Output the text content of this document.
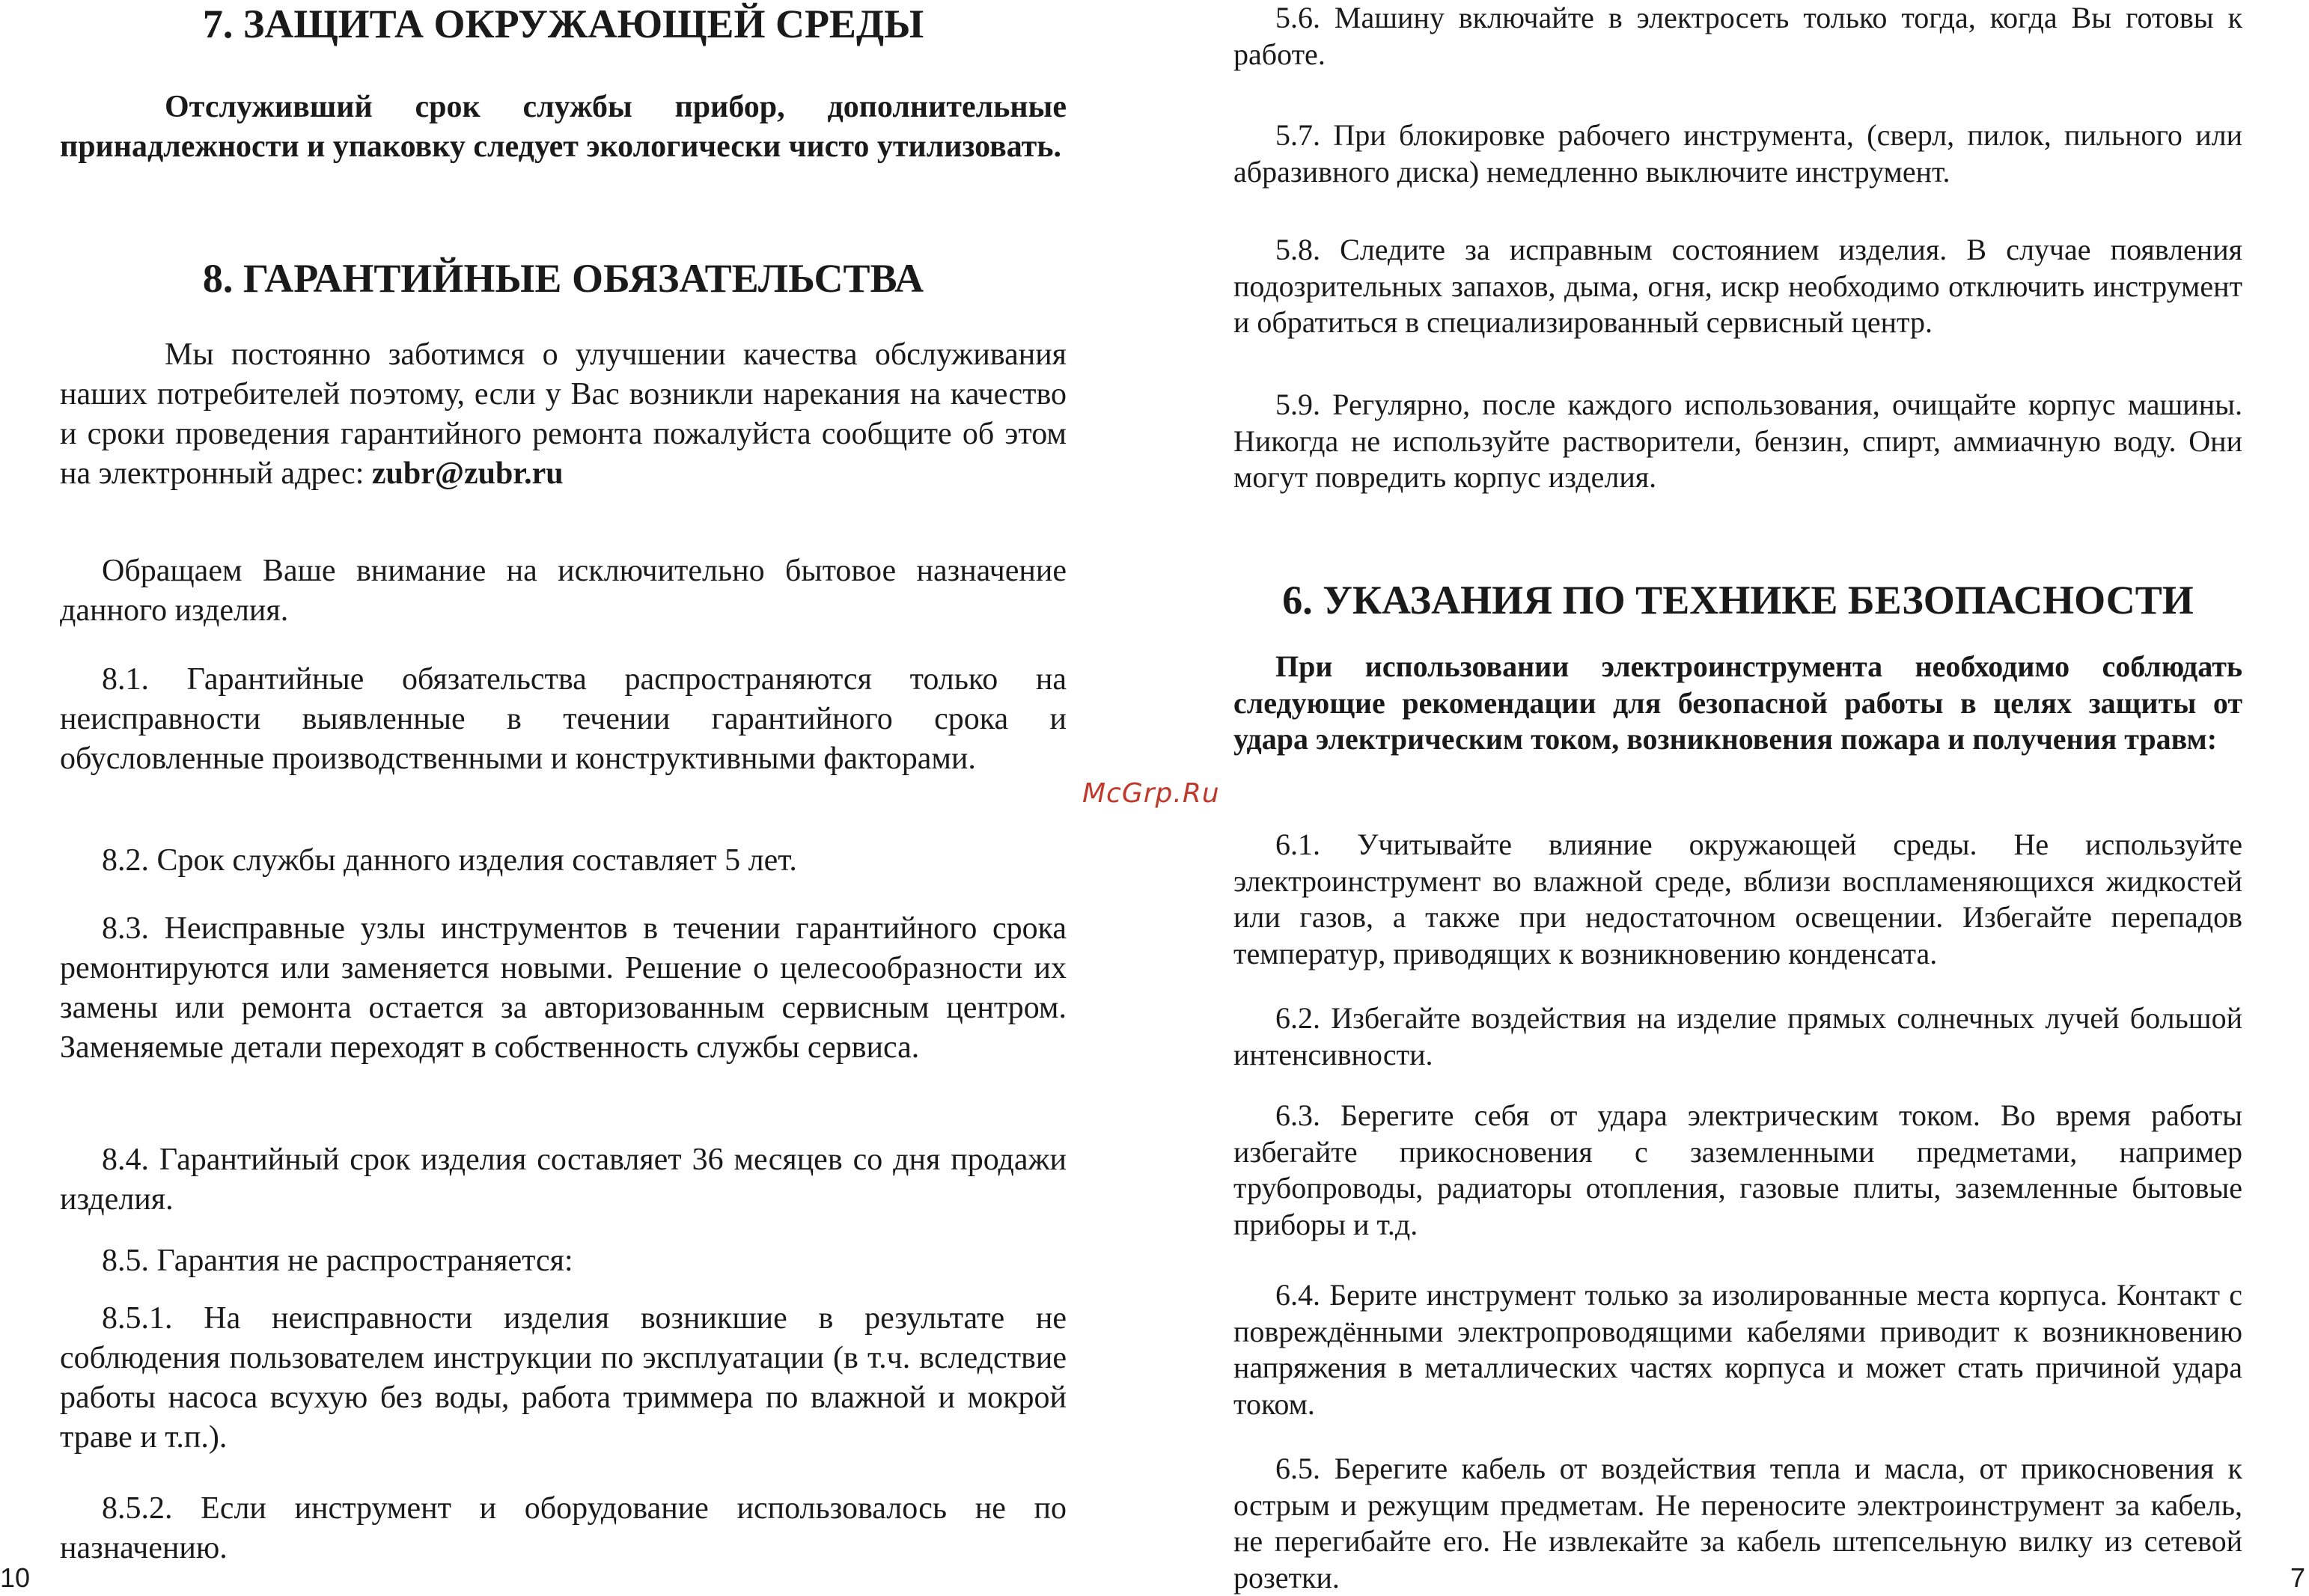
7. ЗАЩИТА ОКРУЖАЮЩЕЙ СРЕДЫ

Отслуживший срок службы прибор, дополнительные принадлежности и упаковку следует экологически чисто утилизовать.

8. ГАРАНТИЙНЫЕ ОБЯЗАТЕЛЬСТВА

Мы постоянно заботимся о улучшении качества обслуживания наших потребителей поэтому, если у Вас возникли нарекания на качество и сроки проведения гарантийного ремонта пожалуйста сообщите об этом на электронный адрес: zubr@zubr.ru

Обращаем Ваше внимание на исключительно бытовое назначение данного изделия.

8.1. Гарантийные обязательства распространяются только на неисправности выявленные в течении гарантийного срока и обусловленные производственными и конструктивными факторами.

8.2. Срок службы данного изделия составляет 5 лет.

8.3. Неисправные узлы инструментов в течении гарантийного срока ремонтируются или заменяется новыми. Решение о целесообразности их замены или ремонта остается за авторизованным сервисным центром. Заменяемые детали переходят в собственность службы сервиса.

8.4. Гарантийный срок изделия составляет 36 месяцев со дня продажи изделия.

8.5. Гарантия не распространяется:

8.5.1. На неисправности изделия возникшие в результате не соблюдения пользователем инструкции по эксплуатации (в т.ч. вследствие работы насоса всухую без воды, работа триммера по влажной и мокрой траве и т.п.).

8.5.2. Если инструмент и оборудование использовалось не по назначению.

5.6. Машину включайте в электросеть только тогда, когда Вы готовы к работе.

5.7. При блокировке рабочего инструмента, (сверл, пилок, пильного или абразивного диска) немедленно выключите инструмент.

5.8. Следите за исправным состоянием изделия. В случае появления подозрительных запахов, дыма, огня, искр необходимо отключить инструмент и обратиться в специализированный сервисный центр.

5.9. Регулярно, после каждого использования, очищайте корпус машины. Никогда не используйте растворители, бензин, спирт, аммиачную воду. Они могут повредить корпус изделия.

6. УКАЗАНИЯ ПО ТЕХНИКЕ БЕЗОПАСНОСТИ

При использовании электроинструмента необходимо соблюдать следующие рекомендации для безопасной работы в целях защиты от удара электрическим током, возникновения пожара и получения травм:

6.1. Учитывайте влияние окружающей среды. Не используйте электроинструмент во влажной среде, вблизи воспламеняющихся жидкостей или газов, а также при недостаточном освещении. Избегайте перепадов температур, приводящих к возникновению конденсата.

6.2. Избегайте воздействия на изделие прямых солнечных лучей большой интенсивности.

6.3. Берегите себя от удара электрическим током. Во время работы избегайте прикосновения с заземленными предметами, например трубопроводы, радиаторы отопления, газовые плиты, заземленные бытовые приборы и т.д.

6.4. Берите инструмент только за изолированные места корпуса. Контакт с повреждёнными электропроводящими кабелями приводит к возникновению напряжения в металлических частях корпуса и может стать причиной удара током.

6.5. Берегите кабель от воздействия тепла и масла, от прикосновения к острым и режущим предметам. Не переносите электроинструмент за кабель, не перегибайте его. Не извлекайте за кабель штепсельную вилку из сетевой розетки.

McGrp.Ru
10	7
